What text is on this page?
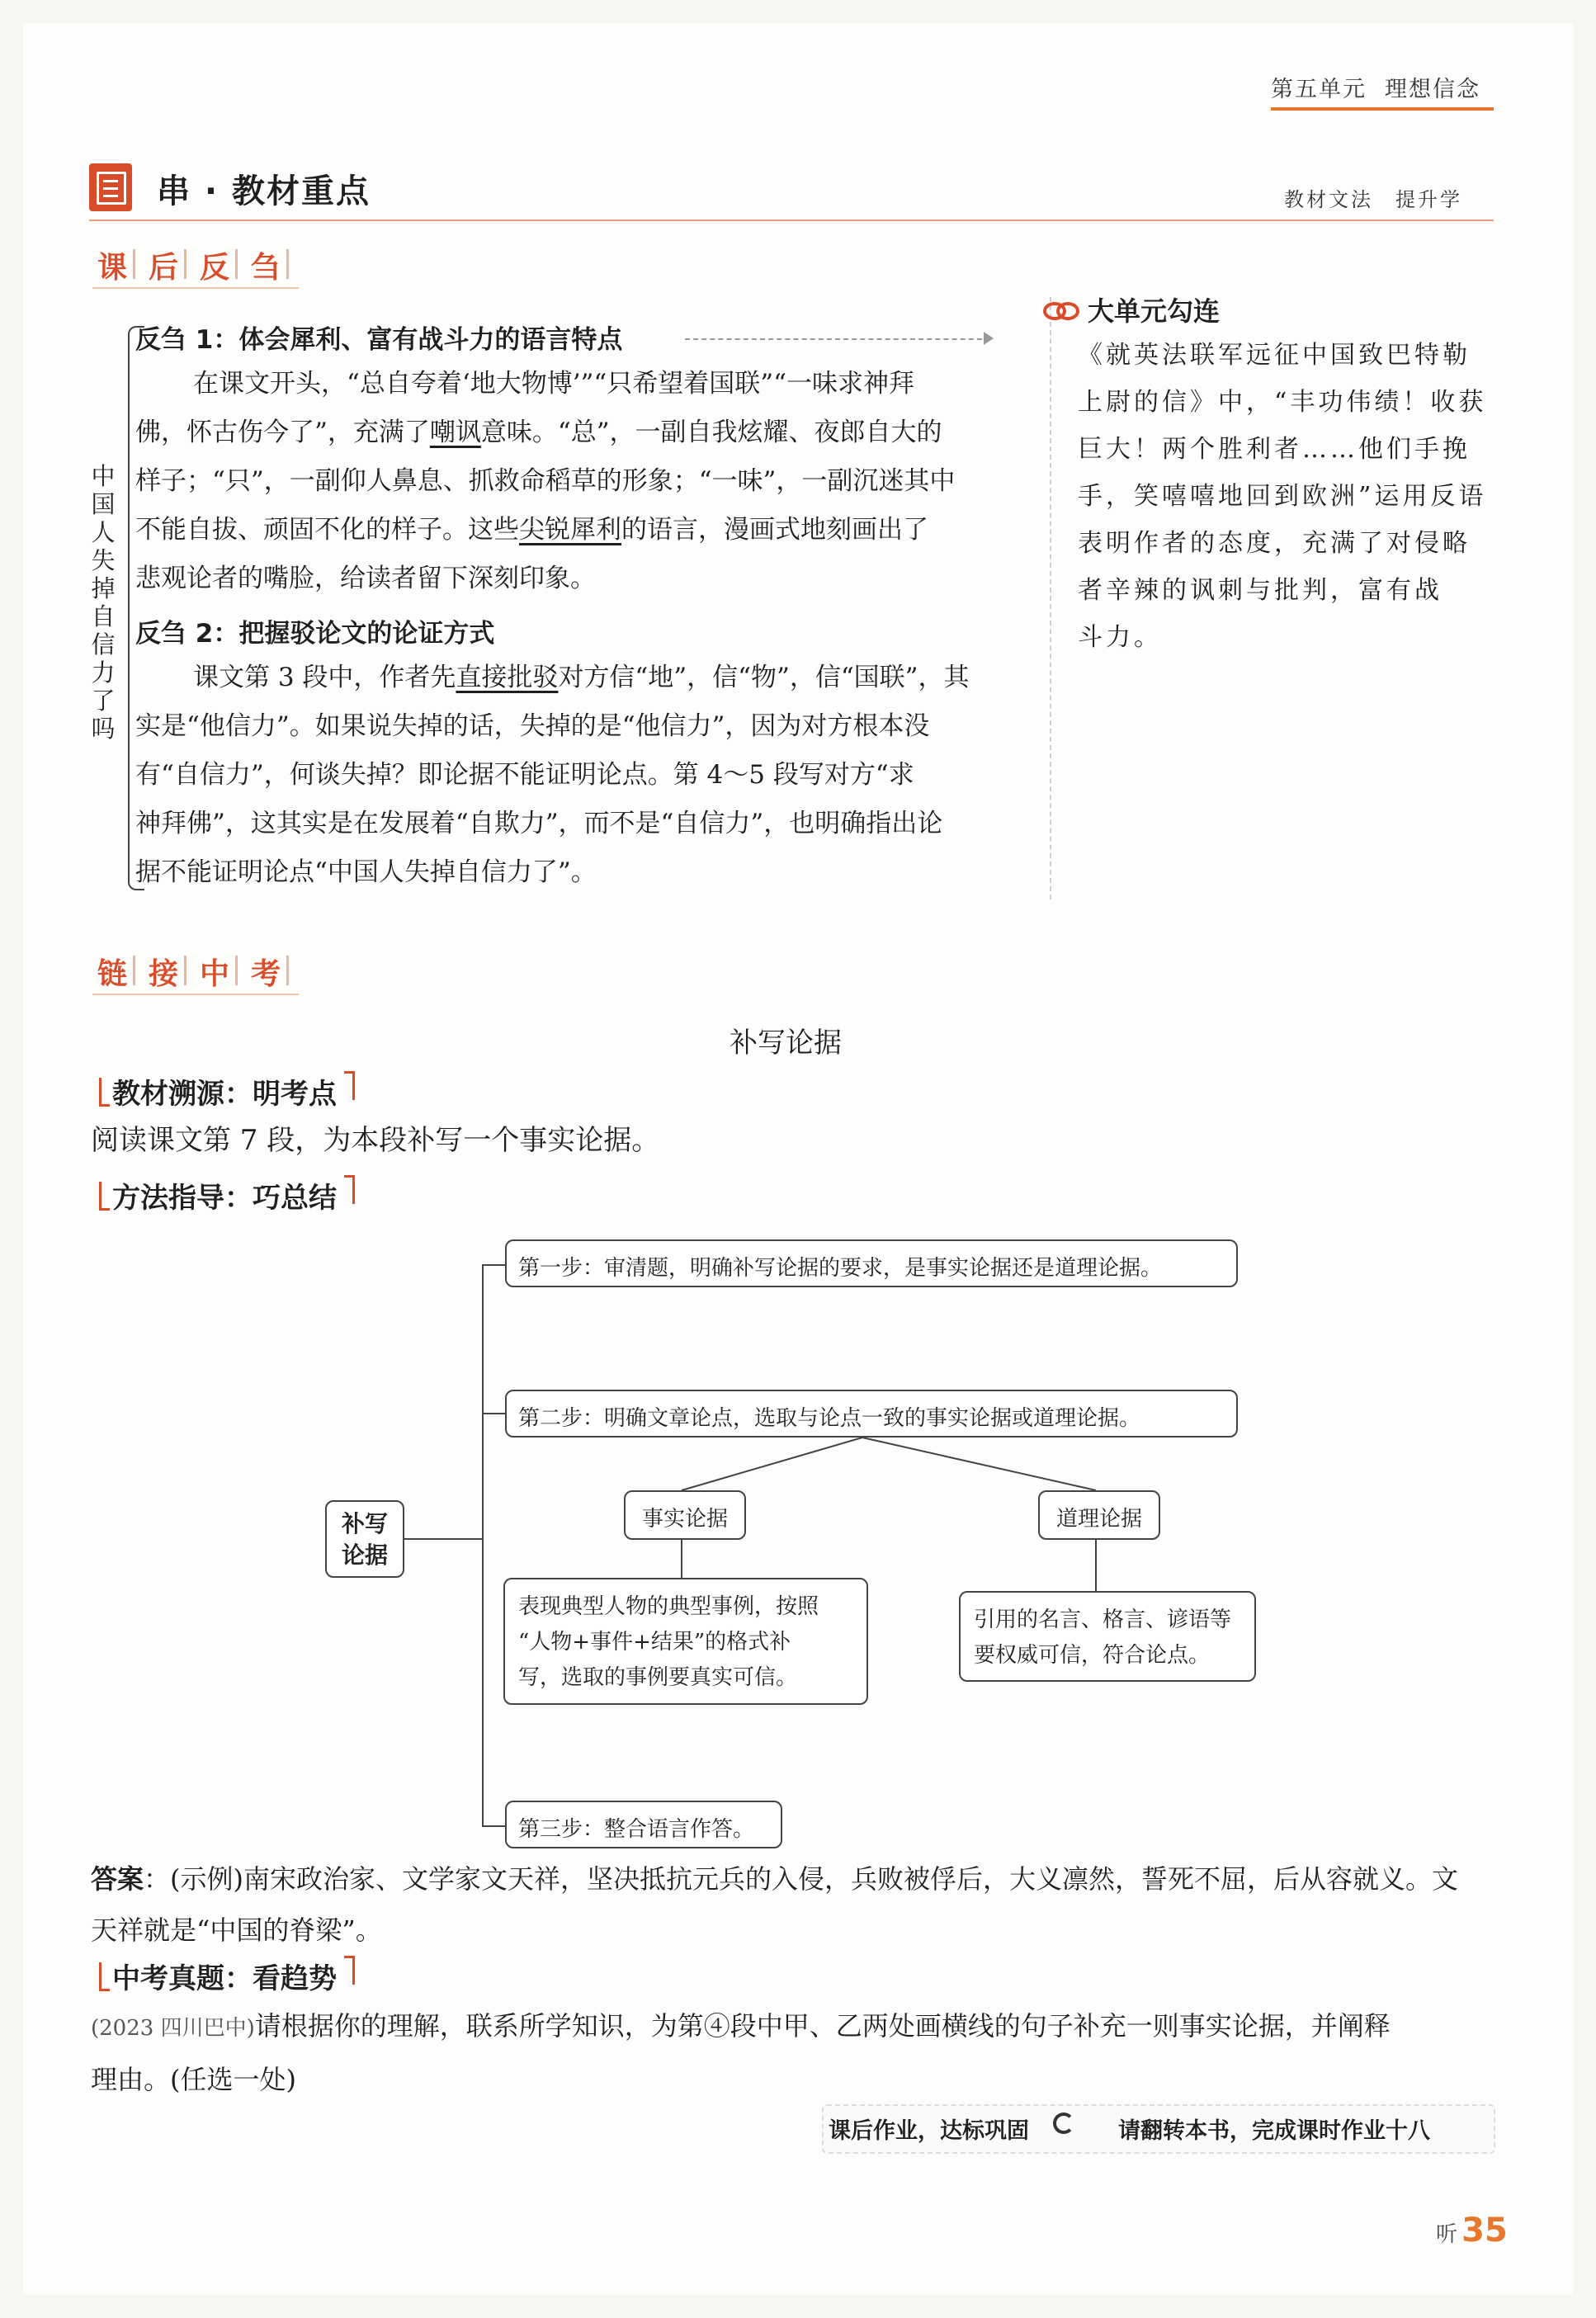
第五单元 理想信念
串 · 教材重点	教材文法　提升学
课 后 反 刍
中
国
人
失
掉
自
信
力
了
吗
反刍 1：体会犀利、富有战斗力的语言特点
在课文开头，“总自夸着‘地大物博’”“只希望着国联”“一味求神拜
佛，怀古伤今了”，充满了嘲讽意味。“总”，一副自我炫耀、夜郎自大的
样子；“只”，一副仰人鼻息、抓救命稻草的形象；“一味”，一副沉迷其中
不能自拔、顽固不化的样子。这些尖锐犀利的语言，漫画式地刻画出了
悲观论者的嘴脸，给读者留下深刻印象。
反刍 2：把握驳论文的论证方式
课文第 3 段中，作者先直接批驳对方信“地”，信“物”，信“国联”，其
实是“他信力”。如果说失掉的话，失掉的是“他信力”，因为对方根本没
有“自信力”，何谈失掉？即论据不能证明论点。第 4～5 段写对方“求
神拜佛”，这其实是在发展着“自欺力”，而不是“自信力”，也明确指出论
据不能证明论点“中国人失掉自信力了”。
大单元勾连
《就英法联军远征中国致巴特勒
上尉的信》中，“丰功伟绩！收获
巨大！两个胜利者……他们手挽
手，笑嘻嘻地回到欧洲”运用反语
表明作者的态度，充满了对侵略
者辛辣的讽刺与批判，富有战
斗力。
链 接 中 考
补写论据
教材溯源：明考点
阅读课文第 7 段，为本段补写一个事实论据。
方法指导：巧总结
补写
论据
第一步：审清题，明确补写论据的要求，是事实论据还是道理论据。
第二步：明确文章论点，选取与论点一致的事实论据或道理论据。
事实论据	道理论据
表现典型人物的典型事例，按照
“人物+事件+结果”的格式补
写，选取的事例要真实可信。
引用的名言、格言、谚语等
要权威可信，符合论点。
第三步：整合语言作答。
答案：(示例)南宋政治家、文学家文天祥，坚决抵抗元兵的入侵，兵败被俘后，大义凛然，誓死不屈，后从容就义。文
天祥就是“中国的脊梁”。
中考真题：看趋势
(2023 四川巴中)请根据你的理解，联系所学知识，为第④段中甲、乙两处画横线的句子补充一则事实论据，并阐释
理由。(任选一处)
课后作业，达标巩固	请翻转本书，完成课时作业十八
听 35
